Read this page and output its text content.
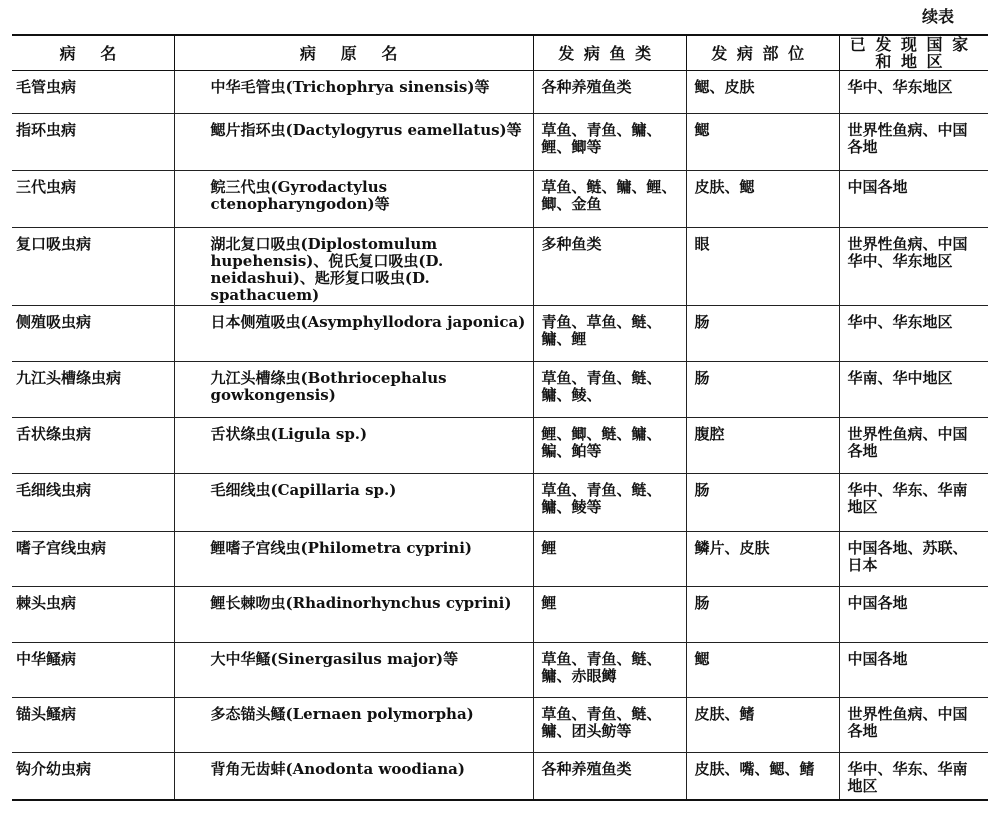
续表
病 名	病 原 名	发病鱼类	发病部位	已发现国家和地区
毛管虫病	中华毛管虫(Trichophrya sinensis)等	各种养殖鱼类	鳃、皮肤	华中、华东地区
指环虫病	鳃片指环虫(Dactylogyrus eamellatus)等	草鱼、青鱼、鳙、鲤、鲫等	鳃	世界性鱼病、中国各地
三代虫病	鲩三代虫(Gyrodactylus ctenopharyngodon)等	草鱼、鲢、鳙、鲤、鲫、金鱼	皮肤、鳃	中国各地
复口吸虫病	湖北复口吸虫(Diplostomulum hupehensis)、倪氏复口吸虫(D. neidashui)、匙形复口吸虫(D. spathacuem)	多种鱼类	眼	世界性鱼病、中国华中、华东地区
侧殖吸虫病	日本侧殖吸虫(Asymphyllodora japonica)	青鱼、草鱼、鲢、鳙、鲤	肠	华中、华东地区
九江头槽绦虫病	九江头槽绦虫(Bothriocephalus gowkongensis)	草鱼、青鱼、鲢、鳙、鲮、	肠	华南、华中地区
舌状绦虫病	舌状绦虫(Ligula sp.)	鲤、鲫、鲢、鳙、鳊、鲌等	腹腔	世界性鱼病、中国各地
毛细线虫病	毛细线虫(Capillaria sp.)	草鱼、青鱼、鲢、鳙、鲮等	肠	华中、华东、华南地区
嗜子宫线虫病	鲤嗜子宫线虫(Philometra cyprini)	鲤	鳞片、皮肤	中国各地、苏联、日本
棘头虫病	鲤长棘吻虫(Rhadinorhynchus cyprini)	鲤	肠	中国各地
中华鳋病	大中华鳋(Sinergasilus major)等	草鱼、青鱼、鲢、鳙、赤眼鳟	鳃	中国各地
锚头鳋病	多态锚头鳋(Lernaen polymorpha)	草鱼、青鱼、鲢、鳙、团头鲂等	皮肤、鳍	世界性鱼病、中国各地
钩介幼虫病	背角无齿蚌(Anodonta woodiana)	各种养殖鱼类	皮肤、嘴、鳃、鳍	华中、华东、华南地区
